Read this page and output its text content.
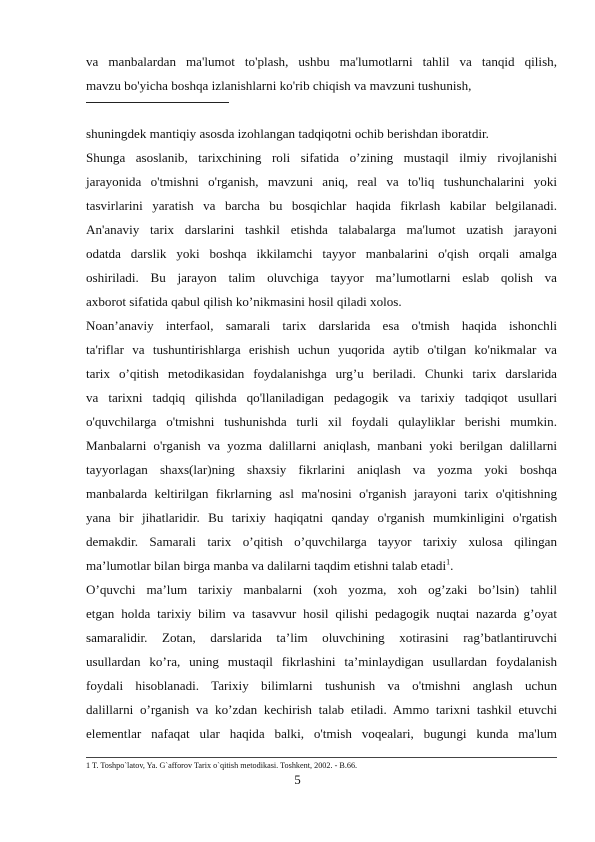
va manbalardan ma'lumot to'plash, ushbu ma'lumotlarni tahlil va tanqid qilish,
mavzu bo'yicha boshqa izlanishlarni ko'rib chiqish va mavzuni tushunish,
shuningdek mantiqiy asosda izohlangan tadqiqotni ochib berishdan iboratdir.
Shunga asoslanib, tarixchining roli sifatida o’zining mustaqil ilmiy rivojlanishi
jarayonida o'tmishni o'rganish, mavzuni aniq, real va to'liq tushunchalarini yoki
tasvirlarini yaratish va barcha bu bosqichlar haqida fikrlash kabilar belgilanadi.
An'anaviy tarix darslarini tashkil etishda talabalarga ma'lumot uzatish jarayoni
odatda darslik yoki boshqa ikkilamchi tayyor manbalarini o'qish orqali amalga
oshiriladi. Bu jarayon talim oluvchiga tayyor ma’lumotlarni eslab qolish va
axborot sifatida qabul qilish ko’nikmasini hosil qiladi xolos.
Noan’anaviy interfaol, samarali tarix darslarida esa o'tmish haqida ishonchli
ta'riflar va tushuntirishlarga erishish uchun yuqorida aytib o'tilgan ko'nikmalar va
tarix o’qitish metodikasidan foydalanishga urg’u beriladi. Chunki tarix darslarida
va tarixni tadqiq qilishda qo'llaniladigan pedagogik va tarixiy tadqiqot usullari
o'quvchilarga o'tmishni tushunishda turli xil foydali qulayliklar berishi mumkin.
Manbalarni o'rganish va yozma dalillarni aniqlash, manbani yoki berilgan dalillarni
tayyorlagan shaxs(lar)ning shaxsiy fikrlarini aniqlash va yozma yoki boshqa
manbalarda keltirilgan fikrlarning asl ma'nosini o'rganish jarayoni tarix o'qitishning
yana bir jihatlaridir. Bu tarixiy haqiqatni qanday o'rganish mumkinligini o'rgatish
demakdir. Samarali tarix o’qitish o’quvchilarga tayyor tarixiy xulosa qilingan
ma’lumotlar bilan birga manba va dalilarni taqdim etishni talab etadi$^1$.
O’quvchi ma’lum tarixiy manbalarni (xoh yozma, xoh og’zaki bo’lsin) tahlil
etgan holda tarixiy bilim va tasavvur hosil qilishi pedagogik nuqtai nazarda g’oyat
samaralidir. Zotan, darslarida ta’lim oluvchining xotirasini rag’batlantiruvchi
usullardan ko’ra, uning mustaqil fikrlashini ta’minlaydigan usullardan foydalanish
foydali hisoblanadi. Tarixiy bilimlarni tushunish va o'tmishni anglash uchun
dalillarni o’rganish va ko’zdan kechirish talab etiladi. Ammo tarixni tashkil etuvchi
elementlar nafaqat ular haqida balki, o'tmish voqealari, bugungi kunda ma'lum
1 T. Toshpo`latov, Ya. G`afforov Tarix o`qitish metodikasi. Toshkent, 2002. - B.66.
5
